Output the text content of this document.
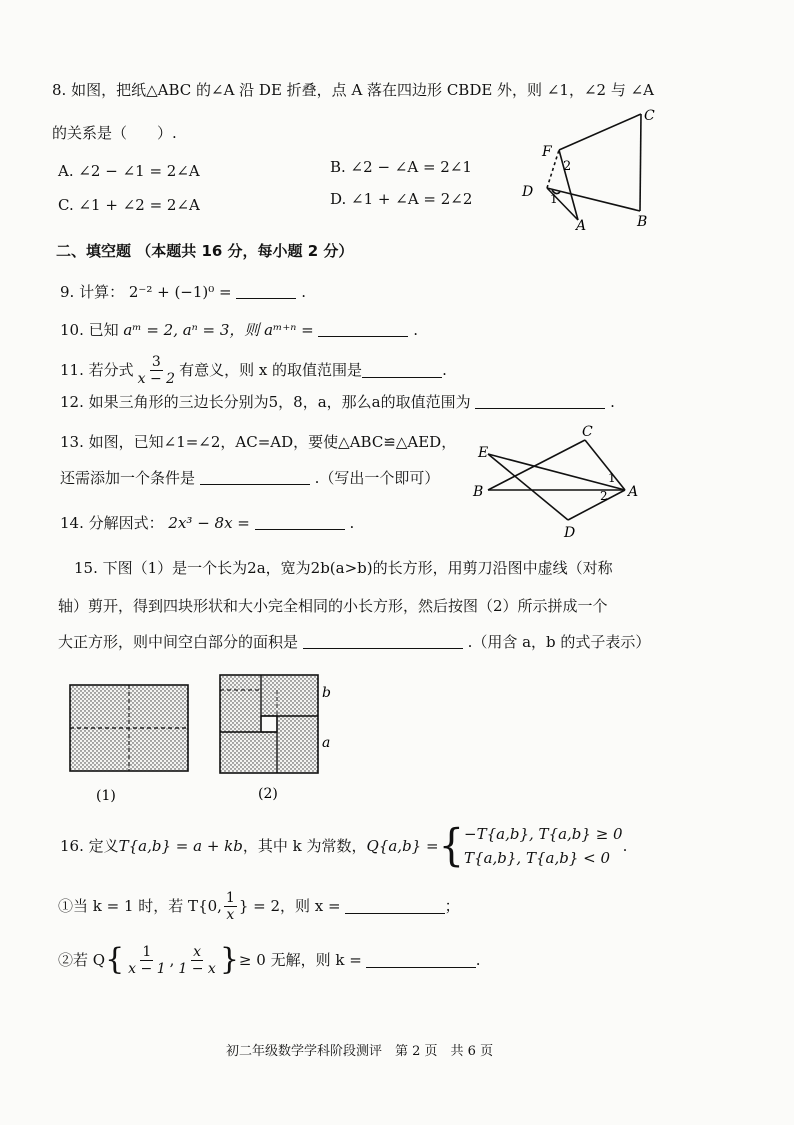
8. 如图，把纸△ABC 的∠A 沿 DE 折叠，点 A 落在四边形 CBDE 外，则 ∠1，∠2 与 ∠A
的关系是（　　）.
A. ∠2 − ∠1 = 2∠A	B. ∠2 − ∠A = 2∠1
C. ∠1 + ∠2 = 2∠A	D. ∠1 + ∠A = 2∠2
C
F
2
D 1
A	B
二、填空题 （本题共 16 分，每小题 2 分）
9. 计算： 2⁻² + (−1)⁰ =	.
10. 已知 aᵐ = 2, aⁿ = 3，则 aᵐ⁺ⁿ =	.
11. 若分式 $\frac{3}{x - 2}$ 有意义，则 x 的取值范围是	.
12. 如果三角形的三边长分别为5，8，a，那么a的取值范围为	.
13. 如图，已知∠1=∠2，AC=AD，要使△ABC≌△AED，
还需添加一个条件是	.（写出一个即可）
E
C
B
1
2 A
D
14. 分解因式： 2x³ − 8x =	.
15. 下图（1）是一个长为2a，宽为2b(a>b)的长方形，用剪刀沿图中虚线（对称
轴）剪开，得到四块形状和大小完全相同的小长方形，然后按图（2）所示拼成一个
大正方形，则中间空白部分的面积是	.（用含 a，b 的式子表示）
(1)
b
a
(2)
16. 定义 T{a,b} = a + kb ，其中 k 为常数， Q{a,b} = { −T{a,b}, T{a,b} ≥ 0
T{a,b}, T{a,b} < 0
.
①当 k = 1 时，若 T {0, $\frac{1}{x}$ } = 2，则 x =	；
②若 Q { $\frac{1}{x - 1}$ , $\frac{x}{1 - x}$ } ≥ 0 无解，则 k =	.
初二年级数学学科阶段测评　第 2 页　共 6 页
